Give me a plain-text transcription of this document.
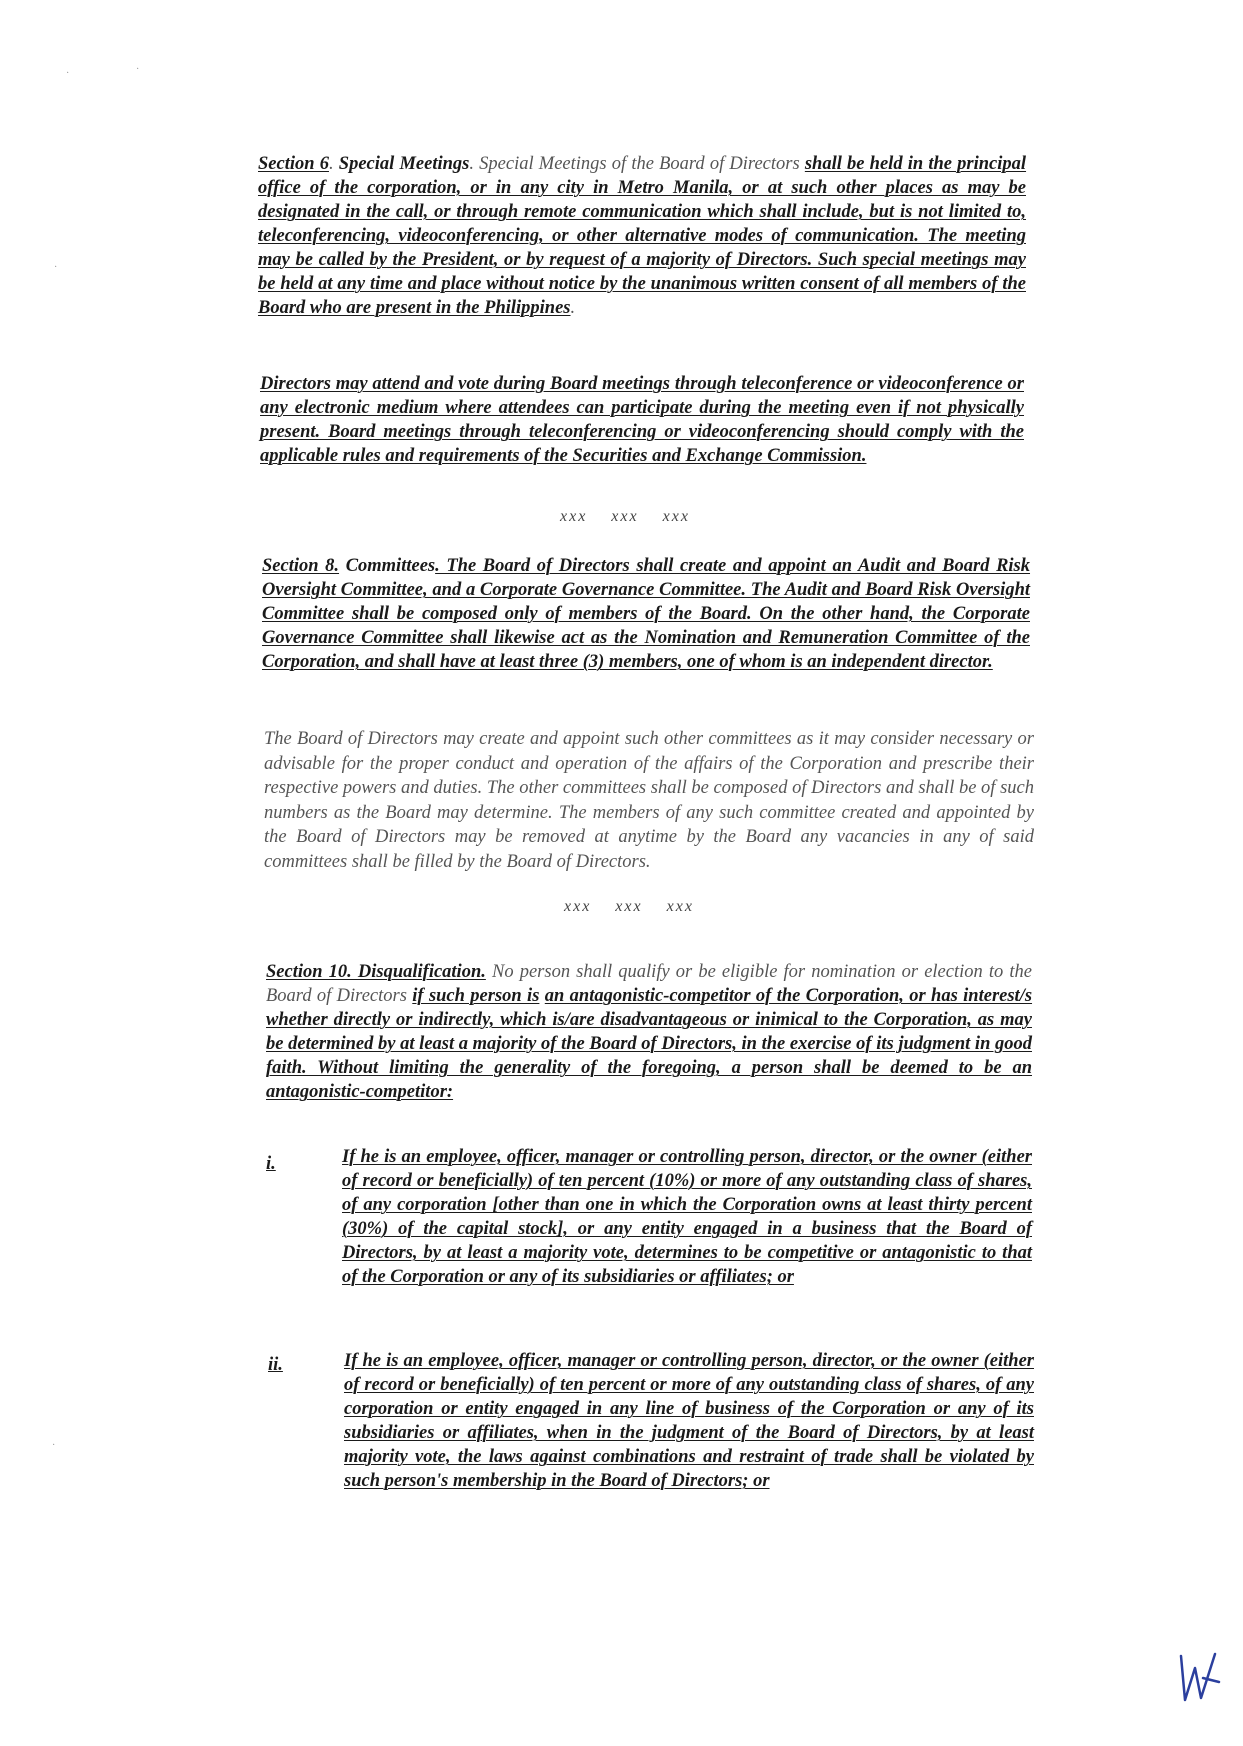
Section 6. Special Meetings. Special Meetings of the Board of Directors shall be held in the principal office of the corporation, or in any city in Metro Manila, or at such other places as may be designated in the call, or through remote communication which shall include, but is not limited to, teleconferencing, videoconferencing, or other alternative modes of communication. The meeting may be called by the President, or by request of a majority of Directors. Such special meetings may be held at any time and place without notice by the unanimous written consent of all members of the Board who are present in the Philippines.
Directors may attend and vote during Board meetings through teleconference or videoconference or any electronic medium where attendees can participate during the meeting even if not physically present. Board meetings through teleconferencing or videoconferencing should comply with the applicable rules and requirements of the Securities and Exchange Commission.
xxx xxx xxx
Section 8. Committees. The Board of Directors shall create and appoint an Audit and Board Risk Oversight Committee, and a Corporate Governance Committee. The Audit and Board Risk Oversight Committee shall be composed only of members of the Board. On the other hand, the Corporate Governance Committee shall likewise act as the Nomination and Remuneration Committee of the Corporation, and shall have at least three (3) members, one of whom is an independent director.
The Board of Directors may create and appoint such other committees as it may consider necessary or advisable for the proper conduct and operation of the affairs of the Corporation and prescribe their respective powers and duties. The other committees shall be composed of Directors and shall be of such numbers as the Board may determine. The members of any such committee created and appointed by the Board of Directors may be removed at anytime by the Board any vacancies in any of said committees shall be filled by the Board of Directors.
xxx xxx xxx
Section 10. Disqualification. No person shall qualify or be eligible for nomination or election to the Board of Directors if such person is an antagonistic-competitor of the Corporation, or has interest/s whether directly or indirectly, which is/are disadvantageous or inimical to the Corporation, as may be determined by at least a majority of the Board of Directors, in the exercise of its judgment in good faith. Without limiting the generality of the foregoing, a person shall be deemed to be an antagonistic-competitor:
i.	If he is an employee, officer, manager or controlling person, director, or the owner (either of record or beneficially) of ten percent (10%) or more of any outstanding class of shares, of any corporation [other than one in which the Corporation owns at least thirty percent (30%) of the capital stock], or any entity engaged in a business that the Board of Directors, by at least a majority vote, determines to be competitive or antagonistic to that of the Corporation or any of its subsidiaries or affiliates; or
ii.	If he is an employee, officer, manager or controlling person, director, or the owner (either of record or beneficially) of ten percent or more of any outstanding class of shares, of any corporation or entity engaged in any line of business of the Corporation or any of its subsidiaries or affiliates, when in the judgment of the Board of Directors, by at least majority vote, the laws against combinations and restraint of trade shall be violated by such person's membership in the Board of Directors; or
·	·
·
·
